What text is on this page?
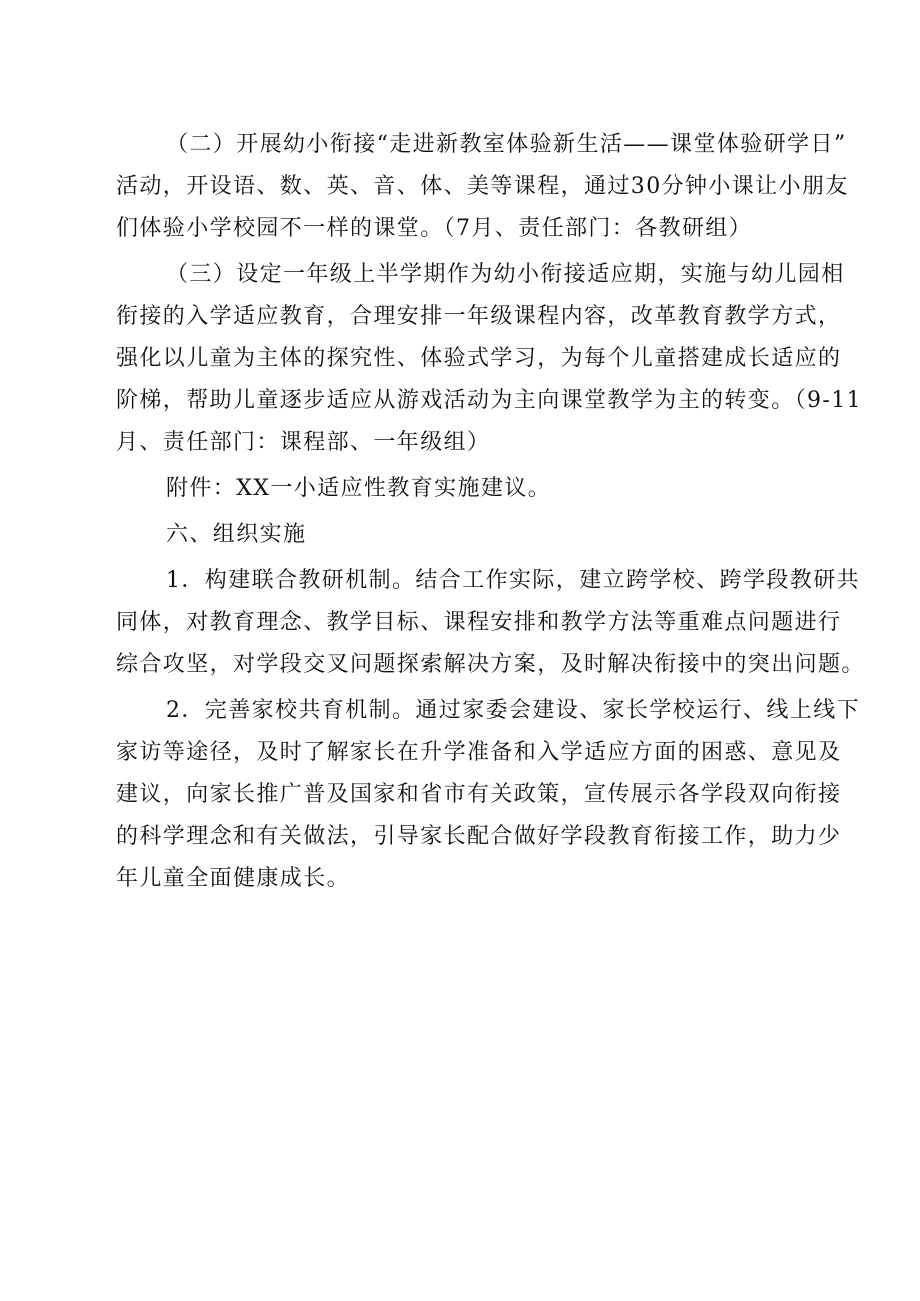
（二）开展幼小衔接“走进新教室体验新生活——课堂体验研学日”
活动，开设语、数、英、音、体、美等课程，通过30分钟小课让小朋友
们体验小学校园不一样的课堂。（7月、责任部门：各教研组）
（三）设定一年级上半学期作为幼小衔接适应期，实施与幼儿园相
衔接的入学适应教育，合理安排一年级课程内容，改革教育教学方式，
强化以儿童为主体的探究性、体验式学习，为每个儿童搭建成长适应的
阶梯，帮助儿童逐步适应从游戏活动为主向课堂教学为主的转变。（9-11
月、责任部门：课程部、一年级组）
附件：XX一小适应性教育实施建议。
六、组织实施
1．构建联合教研机制。结合工作实际，建立跨学校、跨学段教研共
同体，对教育理念、教学目标、课程安排和教学方法等重难点问题进行
综合攻坚，对学段交叉问题探索解决方案，及时解决衔接中的突出问题。
2．完善家校共育机制。通过家委会建设、家长学校运行、线上线下
家访等途径，及时了解家长在升学准备和入学适应方面的困惑、意见及
建议，向家长推广普及国家和省市有关政策，宣传展示各学段双向衔接
的科学理念和有关做法，引导家长配合做好学段教育衔接工作，助力少
年儿童全面健康成长。
